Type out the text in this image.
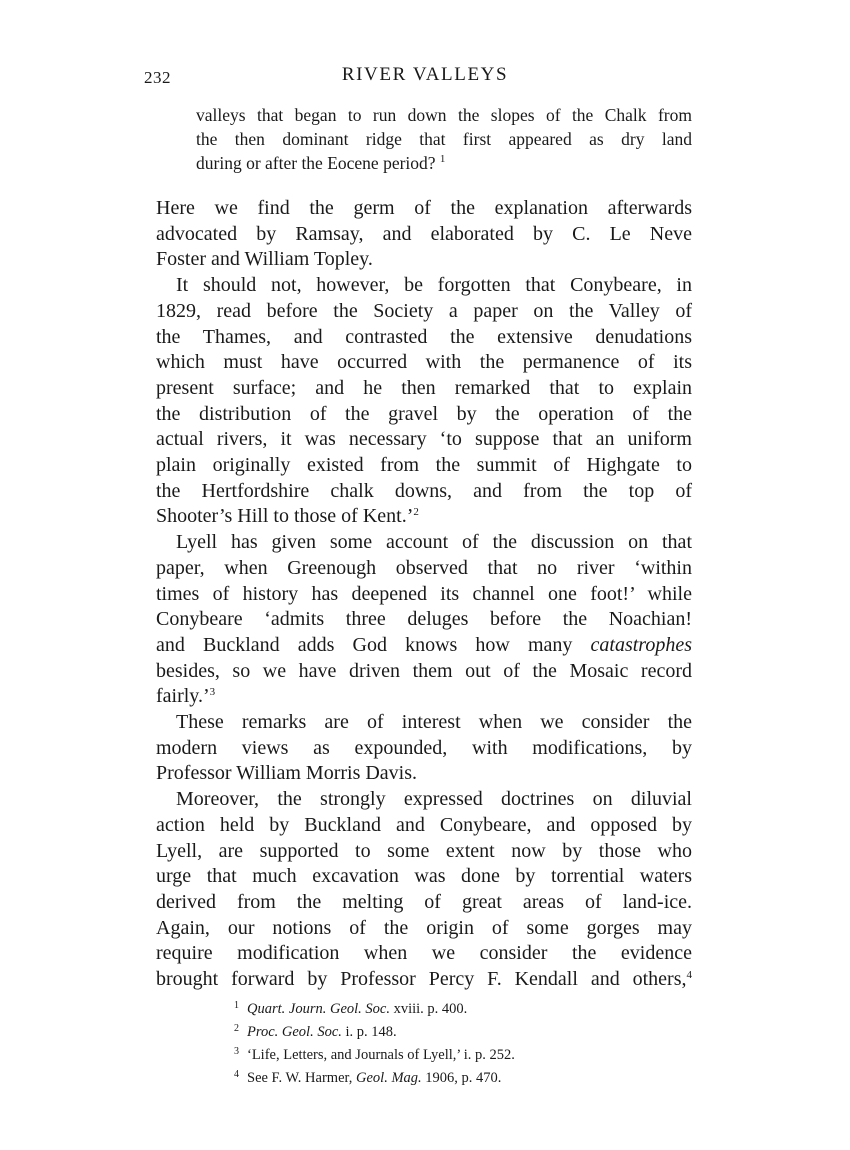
232	RIVER VALLEYS
valleys that began to run down the slopes of the Chalk from
the then dominant ridge that first appeared as dry land
during or after the Eocene period? $^1$

Here we find the germ of the explanation afterwards
advocated by Ramsay, and elaborated by C. Le Neve
Foster and William Topley.

It should not, however, be forgotten that Conybeare, in
1829, read before the Society a paper on the Valley of
the Thames, and contrasted the extensive denudations
which must have occurred with the permanence of its
present surface; and he then remarked that to explain
the distribution of the gravel by the operation of the
actual rivers, it was necessary ‘to suppose that an uniform
plain originally existed from the summit of Highgate to
the Hertfordshire chalk downs, and from the top of
Shooter’s Hill to those of Kent.’$^2$

Lyell has given some account of the discussion on that
paper, when Greenough observed that no river ‘within
times of history has deepened its channel one foot!’ while
Conybeare ‘admits three deluges before the Noachian!
and Buckland adds God knows how many catastrophes
besides, so we have driven them out of the Mosaic record
fairly.’$^3$

These remarks are of interest when we consider the
modern views as expounded, with modifications, by
Professor William Morris Davis.

Moreover, the strongly expressed doctrines on diluvial
action held by Buckland and Conybeare, and opposed by
Lyell, are supported to some extent now by those who
urge that much excavation was done by torrential waters
derived from the melting of great areas of land-ice.
Again, our notions of the origin of some gorges may
require modification when we consider the evidence
brought forward by Professor Percy F. Kendall and others,$^4$

$^1$ Quart. Journ. Geol. Soc. xviii. p. 400.
$^2$ Proc. Geol. Soc. i. p. 148.
$^3$ ‘Life, Letters, and Journals of Lyell,’ i. p. 252.
$^4$ See F. W. Harmer, Geol. Mag. 1906, p. 470.
